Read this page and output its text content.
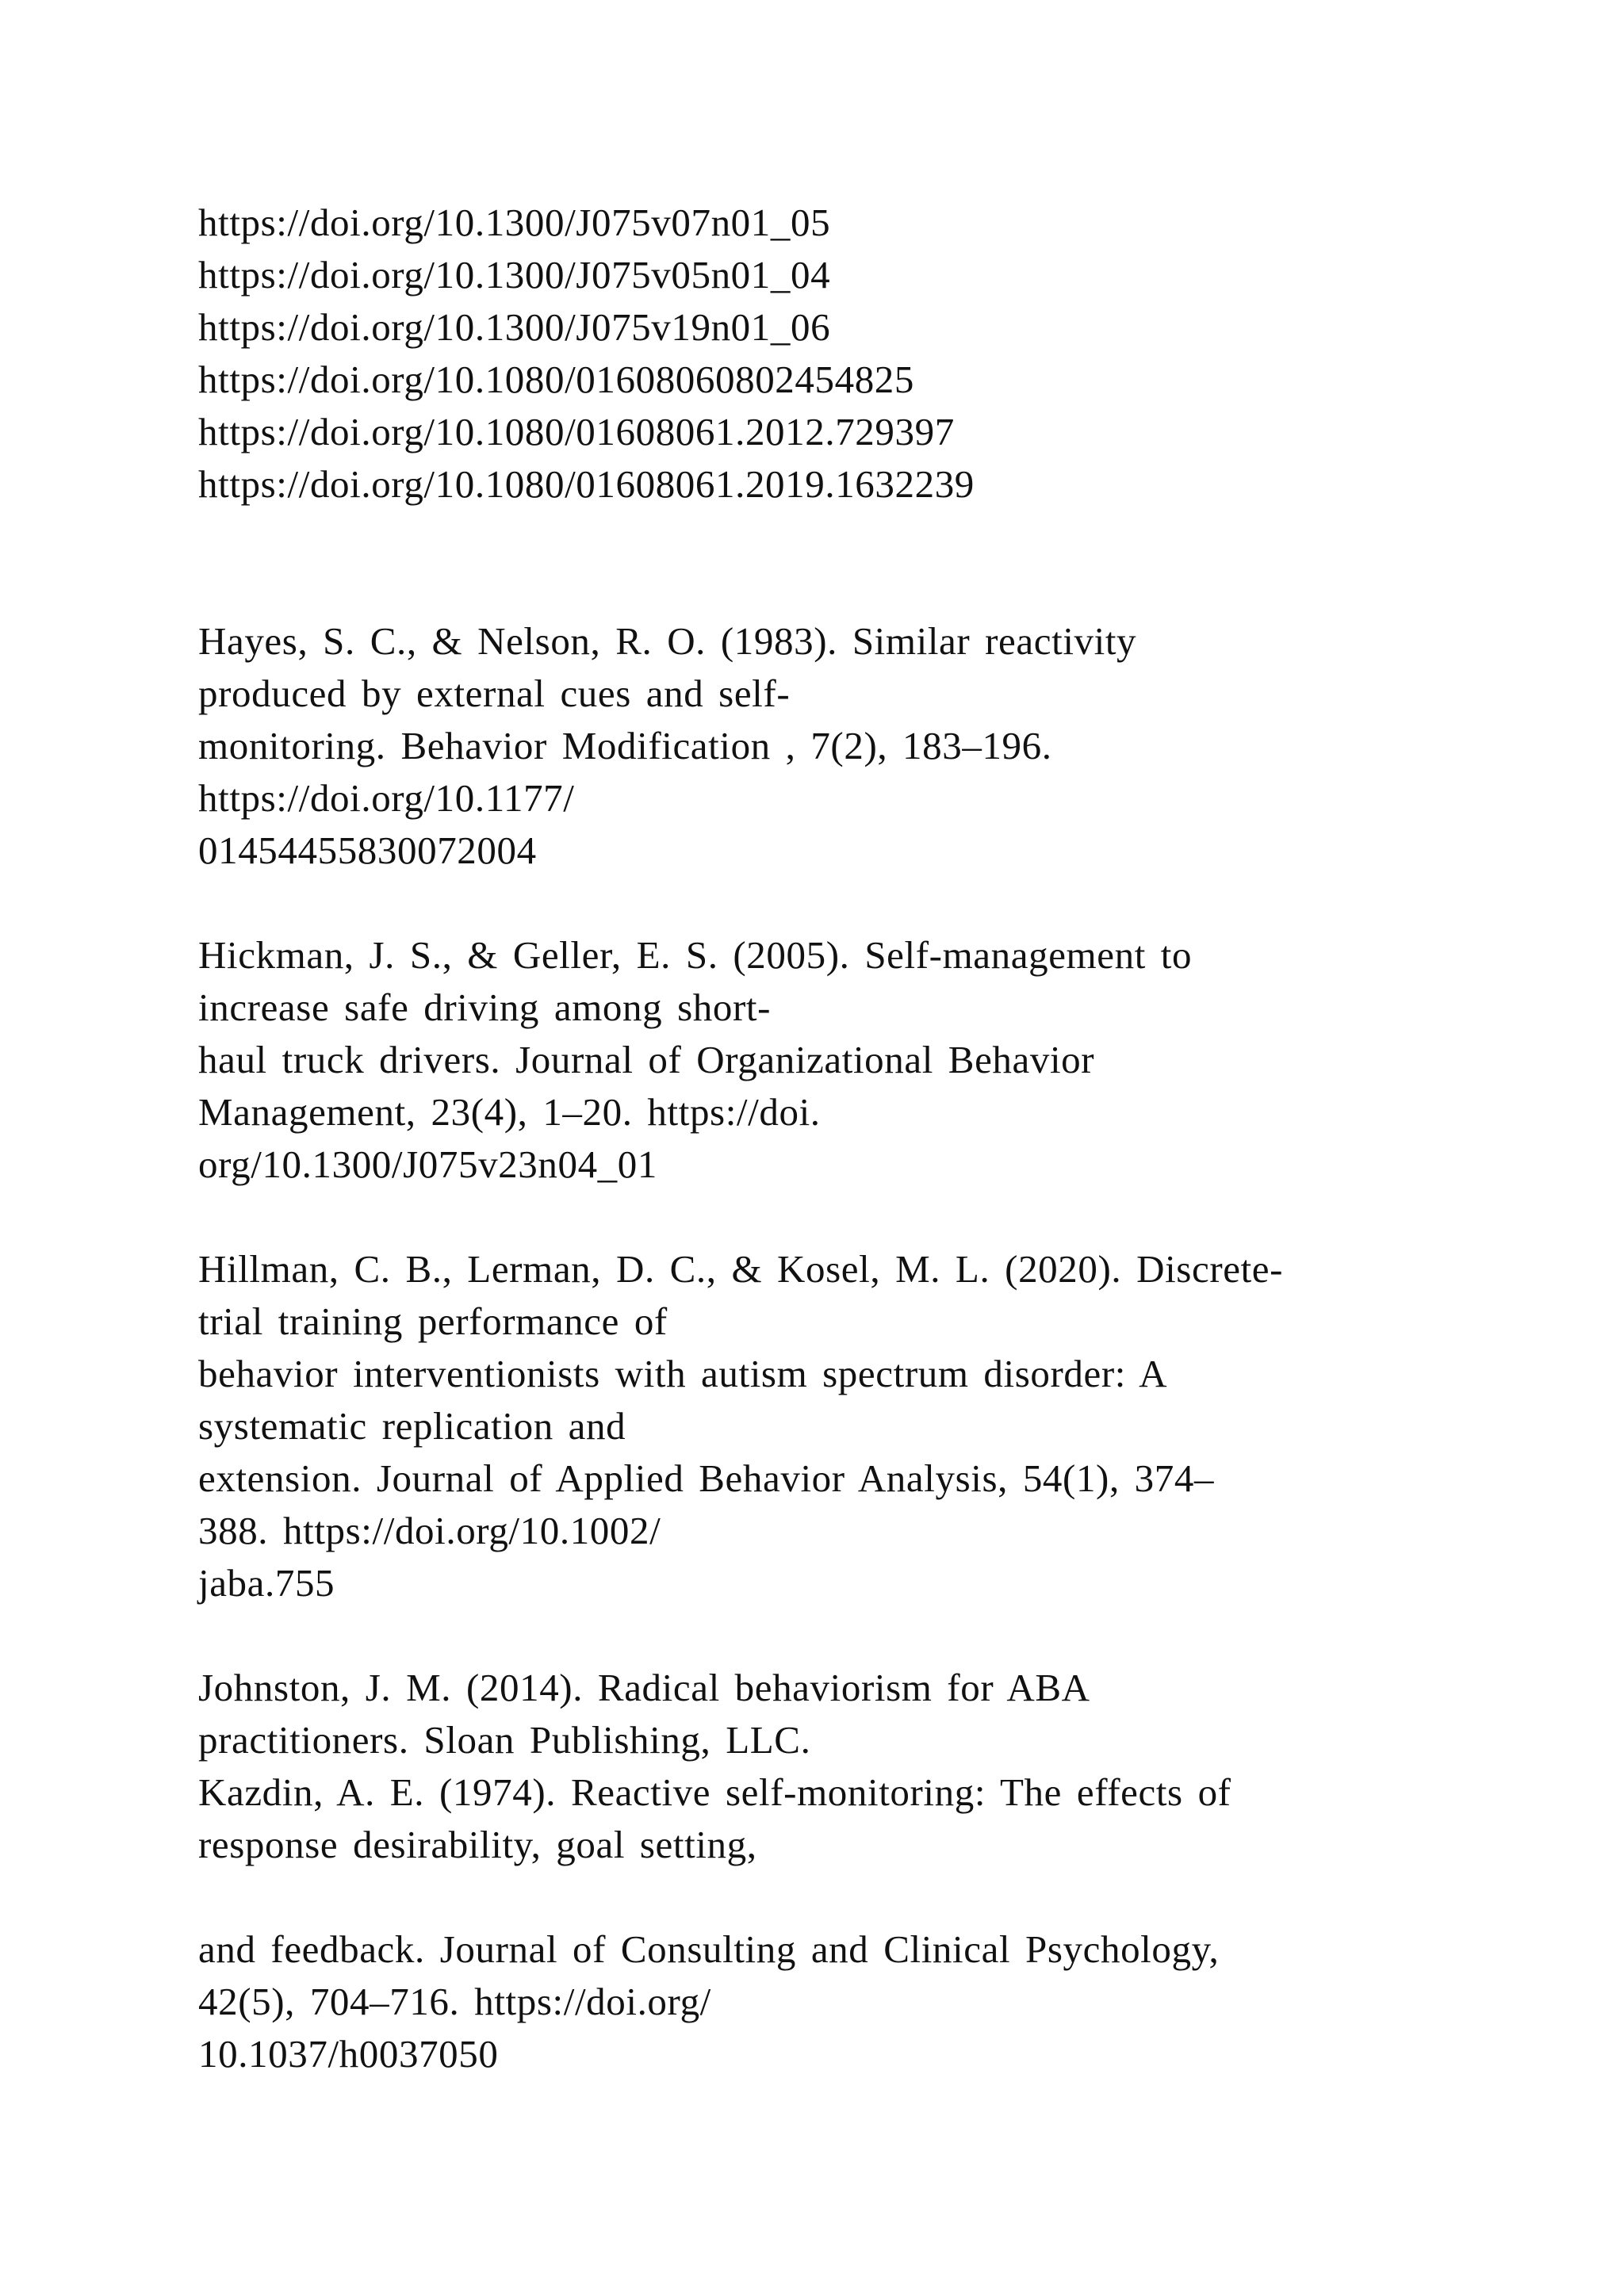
https://doi.org/10.1300/J075v07n01_05
https://doi.org/10.1300/J075v05n01_04
https://doi.org/10.1300/J075v19n01_06
https://doi.org/10.1080/01608060802454825
https://doi.org/10.1080/01608061.2012.729397
https://doi.org/10.1080/01608061.2019.1632239
Hayes, S. C., & Nelson, R. O. (1983). Similar reactivity
produced by external cues and self-
monitoring. Behavior Modification , 7(2), 183–196.
https://doi.org/10.1177/
01454455830072004
Hickman, J. S., & Geller, E. S. (2005). Self-management to
increase safe driving among short-
haul truck drivers. Journal of Organizational Behavior
Management, 23(4), 1–20. https://doi.
org/10.1300/J075v23n04_01
Hillman, C. B., Lerman, D. C., & Kosel, M. L. (2020). Discrete-
trial training performance of
behavior interventionists with autism spectrum disorder: A
systematic replication and
extension. Journal of Applied Behavior Analysis, 54(1), 374–
388. https://doi.org/10.1002/
jaba.755
Johnston, J. M. (2014). Radical behaviorism for ABA
practitioners. Sloan Publishing, LLC.
Kazdin, A. E. (1974). Reactive self-monitoring: The effects of
response desirability, goal setting,
and feedback. Journal of Consulting and Clinical Psychology,
42(5), 704–716. https://doi.org/
10.1037/h0037050
